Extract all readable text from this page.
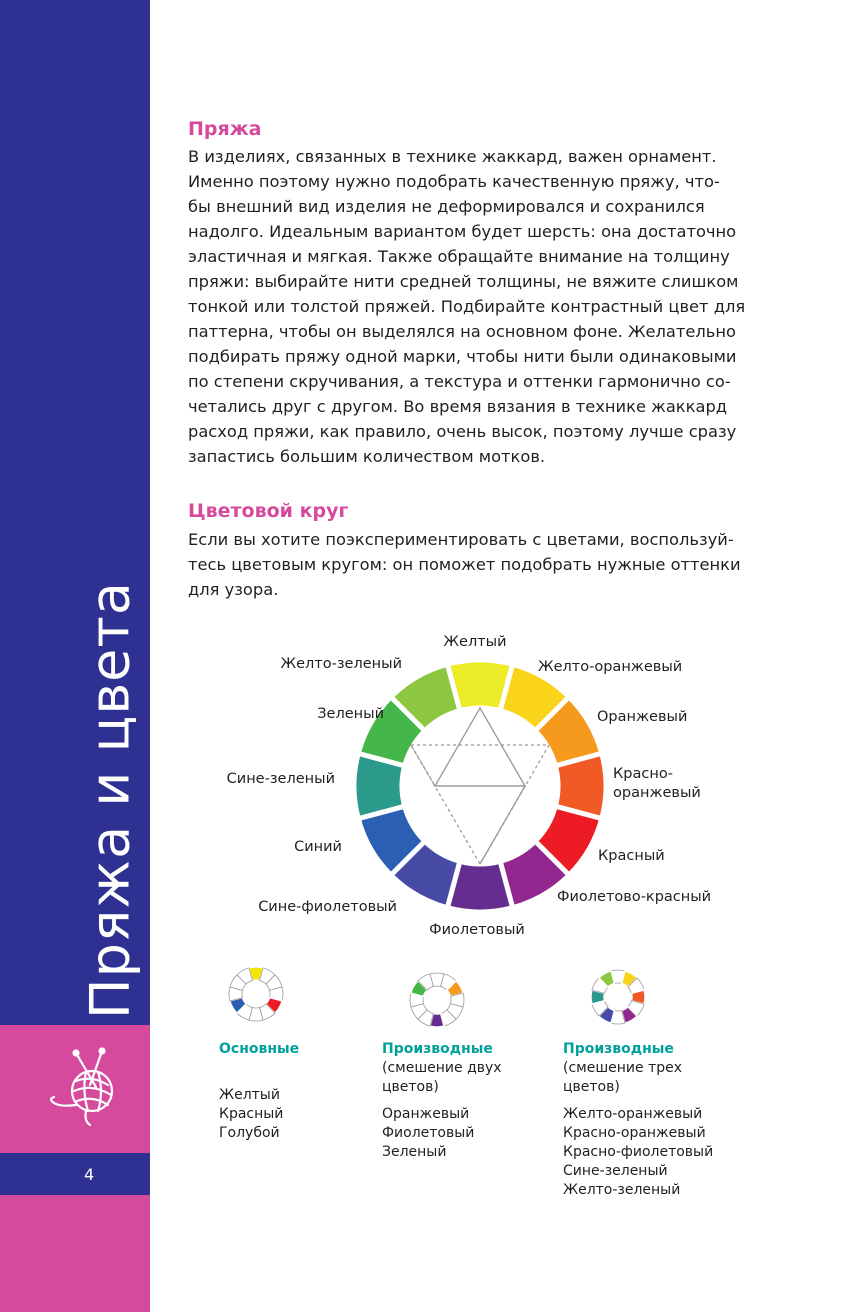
4
Пряжа и цвета
Пряжа
В изделиях, связанных в технике жаккард, важен орнамент.
Именно поэтому нужно подобрать качественную пряжу, что-
бы внешний вид изделия не деформировался и сохранился
надолго. Идеальным вариантом будет шерсть: она достаточно
эластичная и мягкая. Также обращайте внимание на толщину
пряжи: выбирайте нити средней толщины, не вяжите слишком
тонкой или толстой пряжей. Подбирайте контрастный цвет для
паттерна, чтобы он выделялся на основном фоне. Желательно
подбирать пряжу одной марки, чтобы нити были одинаковыми
по степени скручивания, а текстура и оттенки гармонично со-
четались друг с другом. Во время вязания в технике жаккард
расход пряжи, как правило, очень высок, поэтому лучше сразу
запастись большим количеством мотков.
Цветовой круг
Если вы хотите поэкспериментировать с цветами, воспользуй-
тесь цветовым кругом: он поможет подобрать нужные оттенки
для узора.
Желтый
Желто-оранжевый
Оранжевый
Красно-
оранжевый
Красный
Фиолетово-красный
Фиолетовый
Сине-фиолетовый
Синий
Сине-зеленый
Зеленый
Желто-зеленый
Основные
Желтый
Красный
Голубой
Производные
(смешение двух
цветов)
Оранжевый
Фиолетовый
Зеленый
Производные
(смешение трех
цветов)
Желто-оранжевый
Красно-оранжевый
Красно-фиолетовый
Сине-зеленый
Желто-зеленый
